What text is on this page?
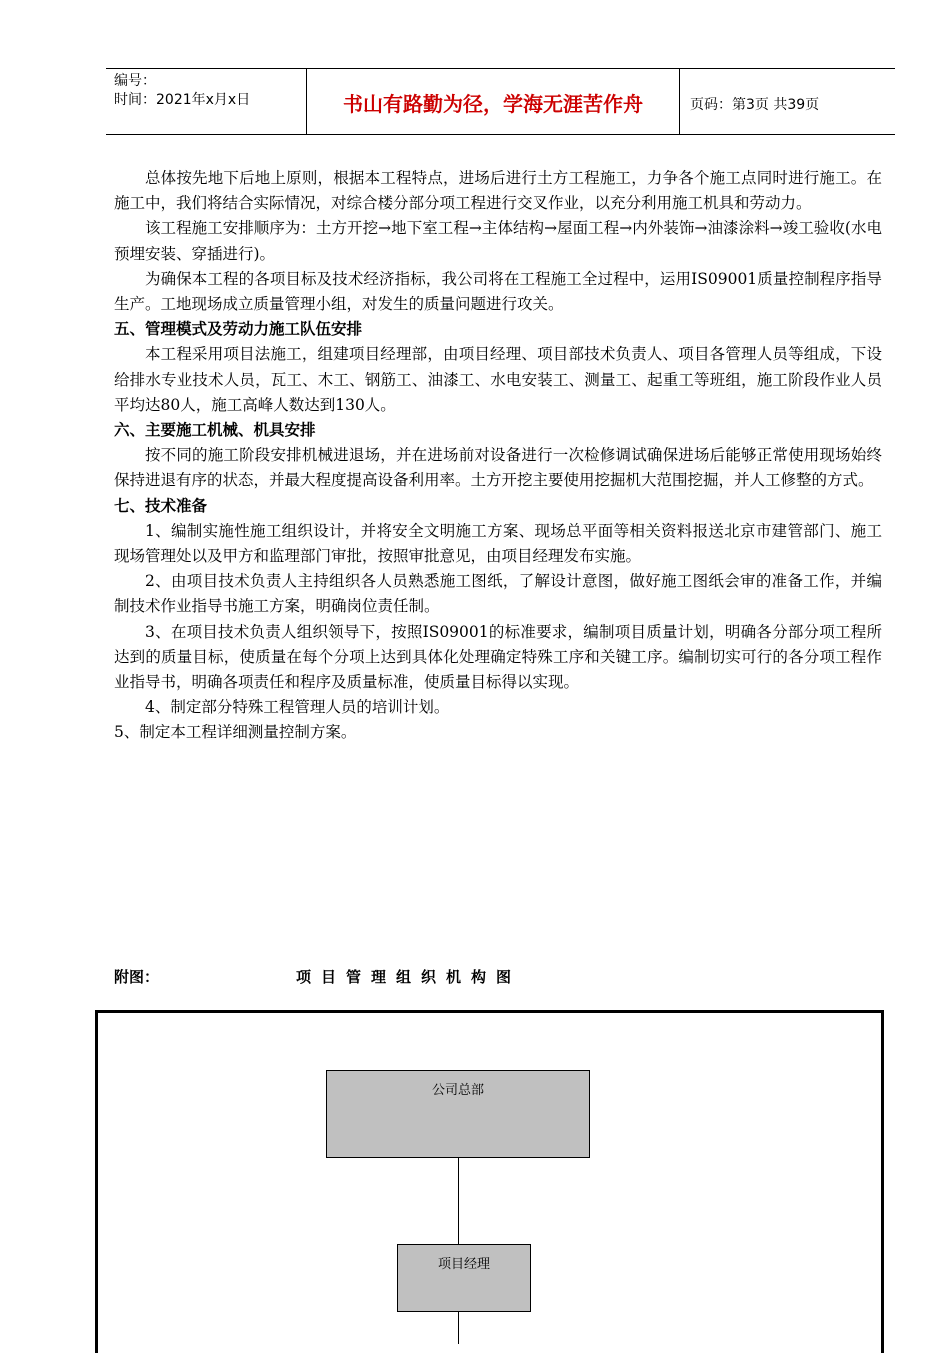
编号：
时间：2021年x月x日	书山有路勤为径，学海无涯苦作舟	页码：第3页 共39页

总体按先地下后地上原则，根据本工程特点，进场后进行土方工程施工，力争各个施工点同时进行施工。在施工中，我们将结合实际情况，对综合楼分部分项工程进行交叉作业，以充分利用施工机具和劳动力。

该工程施工安排顺序为：土方开挖→地下室工程→主体结构→屋面工程→内外装饰→油漆涂料→竣工验收(水电预埋安装、穿插进行)。

为确保本工程的各项目标及技术经济指标，我公司将在工程施工全过程中，运用IS09001质量控制程序指导生产。工地现场成立质量管理小组，对发生的质量问题进行攻关。

五、管理模式及劳动力施工队伍安排

本工程采用项目法施工，组建项目经理部，由项目经理、项目部技术负责人、项目各管理人员等组成，下设给排水专业技术人员，瓦工、木工、钢筋工、油漆工、水电安装工、测量工、起重工等班组，施工阶段作业人员平均达80人，施工高峰人数达到130人。

六、主要施工机械、机具安排

按不同的施工阶段安排机械进退场，并在进场前对设备进行一次检修调试确保进场后能够正常使用现场始终保持进退有序的状态，并最大程度提高设备利用率。土方开挖主要使用挖掘机大范围挖掘，并人工修整的方式。

七、技术准备

1、编制实施性施工组织设计，并将安全文明施工方案、现场总平面等相关资料报送北京市建管部门、施工现场管理处以及甲方和监理部门审批，按照审批意见，由项目经理发布实施。

2、由项目技术负责人主持组织各人员熟悉施工图纸，了解设计意图，做好施工图纸会审的准备工作，并编制技术作业指导书施工方案，明确岗位责任制。

3、在项目技术负责人组织领导下，按照IS09001的标准要求，编制项目质量计划，明确各分部分项工程所达到的质量目标，使质量在每个分项上达到具体化处理确定特殊工序和关键工序。编制切实可行的各分项工程作业指导书，明确各项责任和程序及质量标准，使质量目标得以实现。

4、制定部分特殊工程管理人员的培训计划。

5、制定本工程详细测量控制方案。

附图：	项目管理组织机构图
公司总部
项目经理
